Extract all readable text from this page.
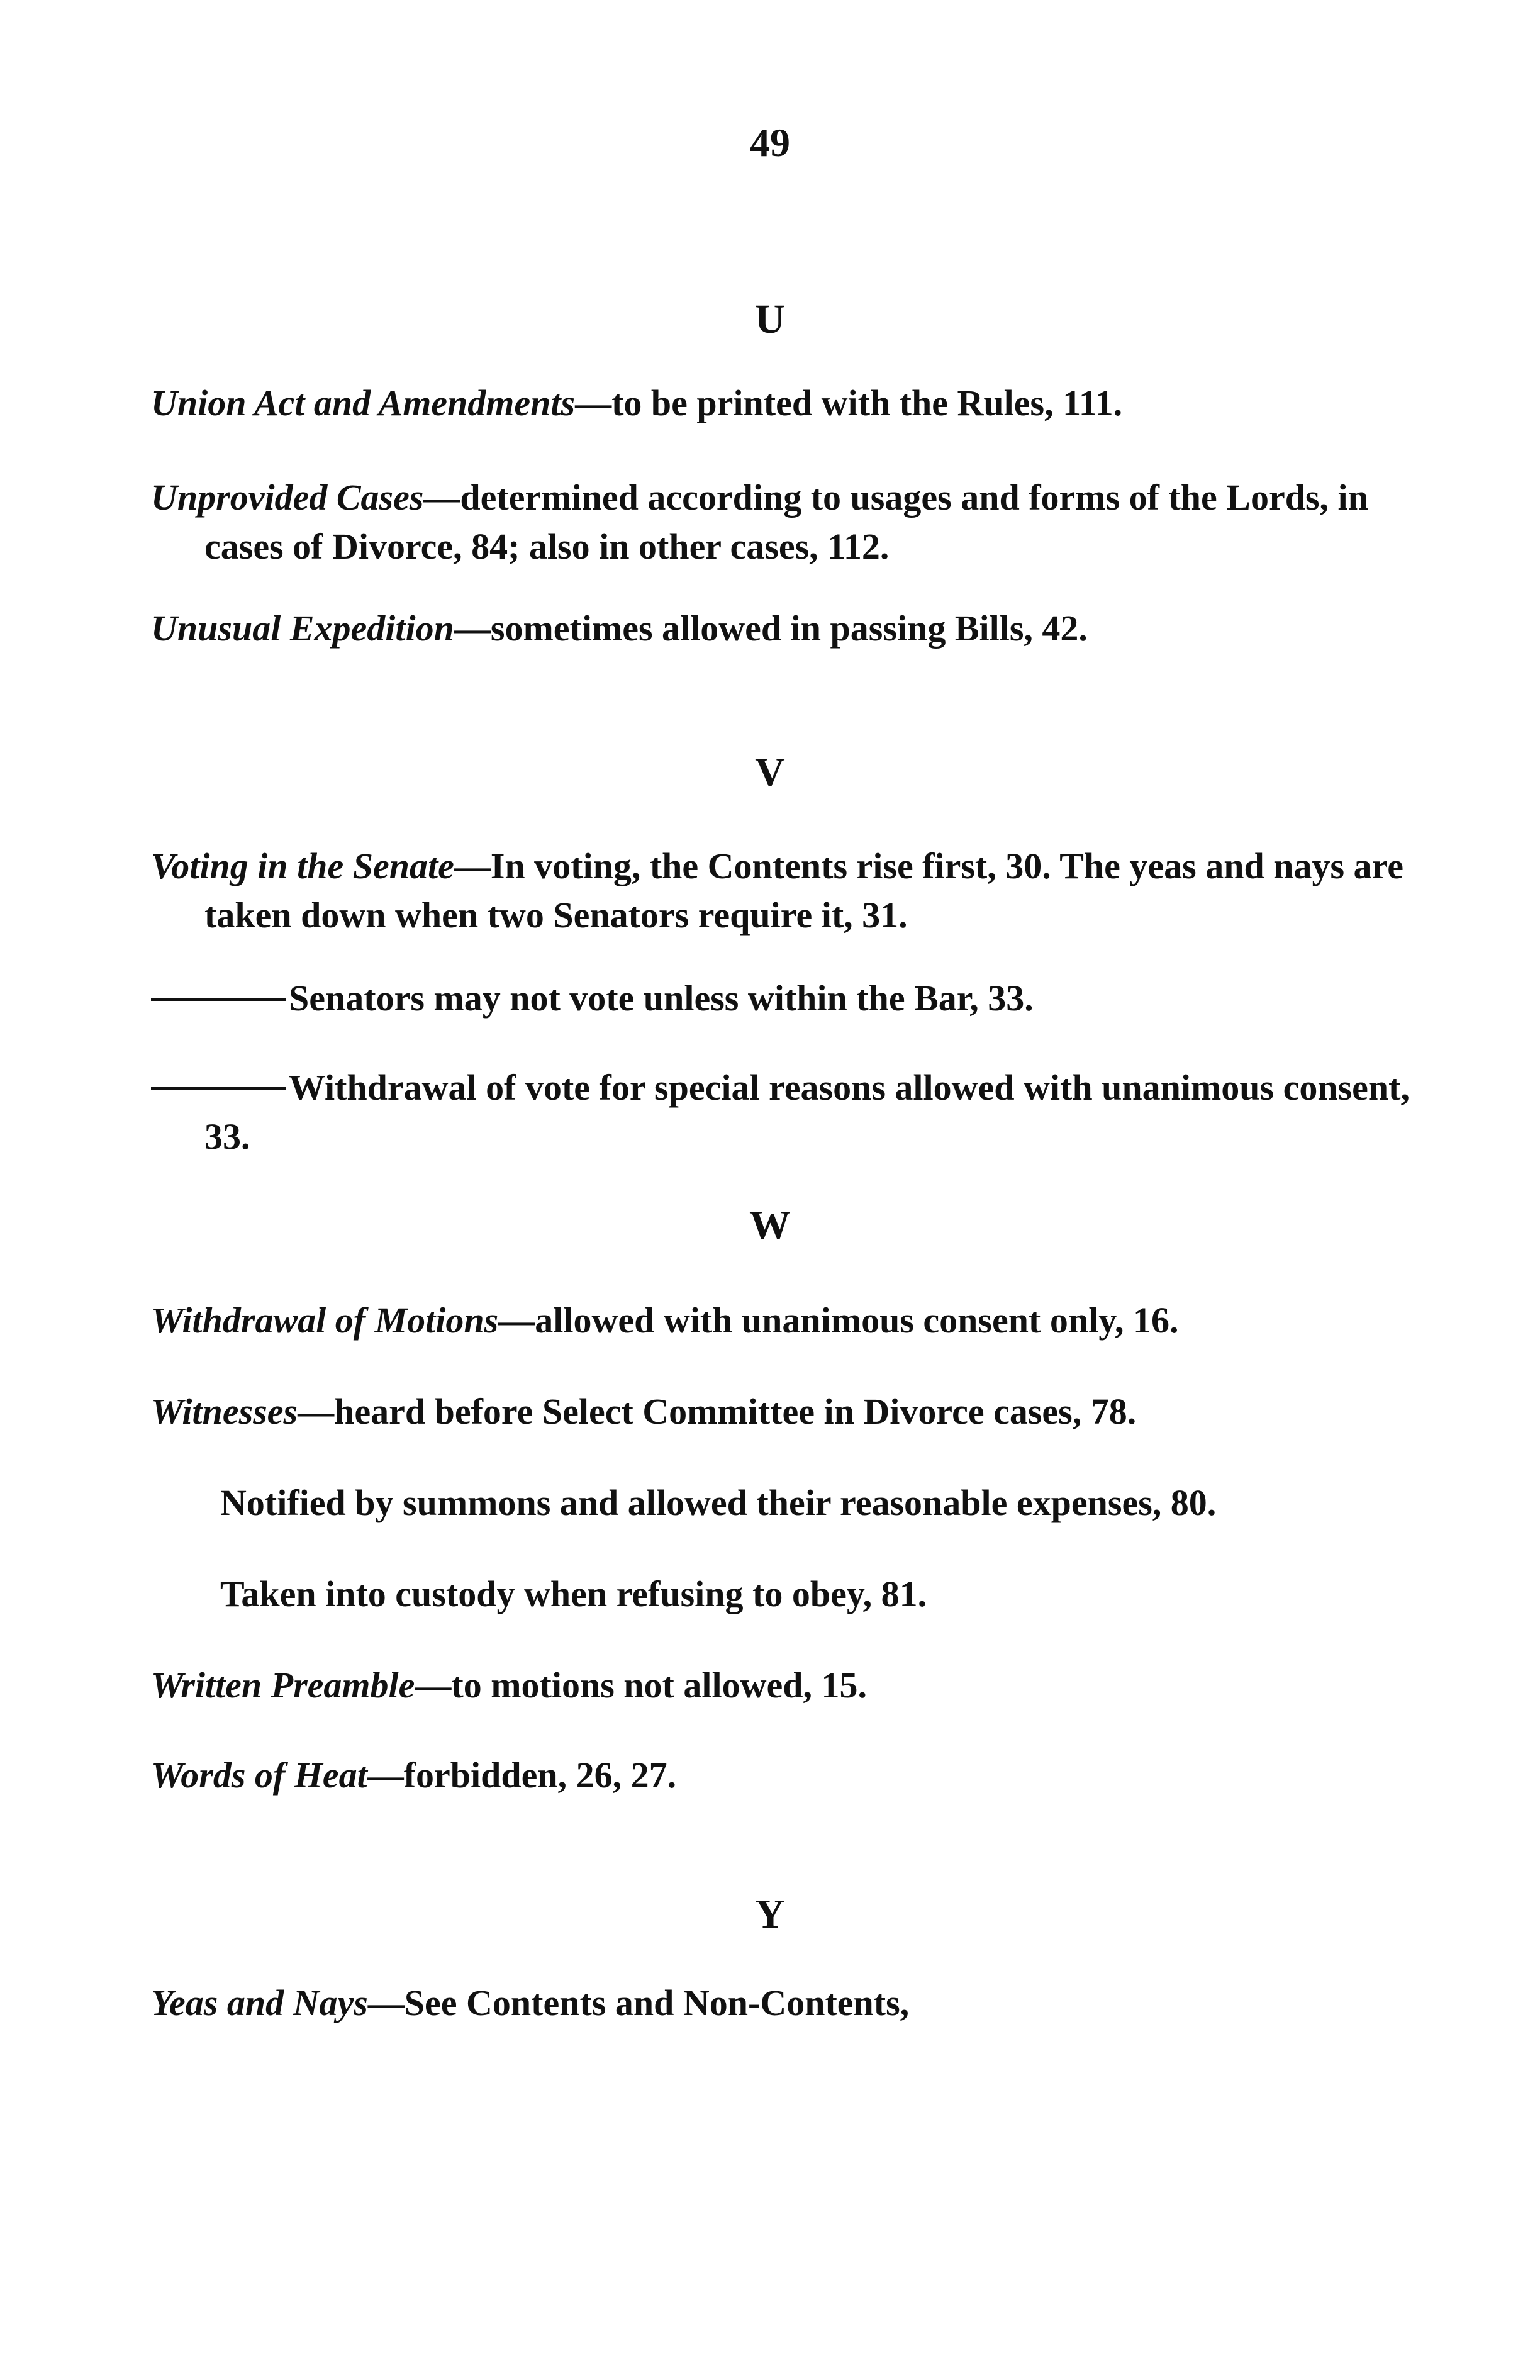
49
U
Union Act and Amendments—to be printed with the Rules, 111.
Unprovided Cases—determined according to usages and forms of the Lords, in cases of Divorce, 84; also in other cases, 112.
Unusual Expedition—sometimes allowed in passing Bills, 42.
V
Voting in the Senate—In voting, the Contents rise first, 30. The yeas and nays are taken down when two Senators require it, 31.
Senators may not vote unless within the Bar, 33.
Withdrawal of vote for special reasons allowed with unanimous consent, 33.
W
Withdrawal of Motions—allowed with unanimous consent only, 16.
Witnesses—heard before Select Committee in Divorce cases, 78.
Notified by summons and allowed their reasonable expenses, 80.
Taken into custody when refusing to obey, 81.
Written Preamble—to motions not allowed, 15.
Words of Heat—forbidden, 26, 27.
Y
Yeas and Nays—See Contents and Non-Contents,
